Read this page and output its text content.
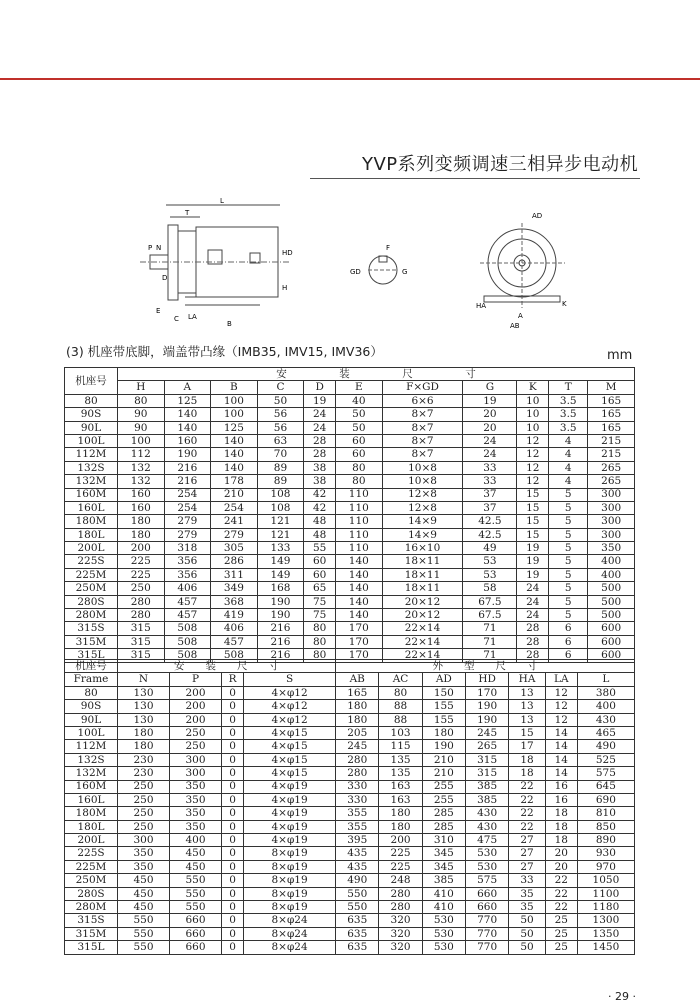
YVP系列变频调速三相异步电动机
L
T
P N
D
HD
H
C LA
B
E
F
G
GD
AD
AB
A
HA	K
(3) 机座带底脚，端盖带凸缘（IMB35, IMV15, IMV36）	mm
机座号	安　　　　　装　　　　　尺　　　　　寸										
	H	A	B	C	D	E	F×GD	G	K	T	M
80	80	125	100	50	19	40	6×6	19	10	3.5	165
90S	90	140	100	56	24	50	8×7	20	10	3.5	165
90L	90	140	125	56	24	50	8×7	20	10	3.5	165
100L	100	160	140	63	28	60	8×7	24	12	4	215
112M	112	190	140	70	28	60	8×7	24	12	4	215
132S	132	216	140	89	38	80	10×8	33	12	4	265
132M	132	216	178	89	38	80	10×8	33	12	4	265
160M	160	254	210	108	42	110	12×8	37	15	5	300
160L	160	254	254	108	42	110	12×8	37	15	5	300
180M	180	279	241	121	48	110	14×9	42.5	15	5	300
180L	180	279	279	121	48	110	14×9	42.5	15	5	300
200L	200	318	305	133	55	110	16×10	49	19	5	350
225S	225	356	286	149	60	140	18×11	53	19	5	400
225M	225	356	311	149	60	140	18×11	53	19	5	400
250M	250	406	349	168	65	140	18×11	58	24	5	500
280S	280	457	368	190	75	140	20×12	67.5	24	5	500
280M	280	457	419	190	75	140	20×12	67.5	24	5	500
315S	315	508	406	216	80	170	22×14	71	28	6	600
315M	315	508	457	216	80	170	22×14	71	28	6	600
315L	315	508	508	216	80	170	22×14	71	28	6	600
机座号	安　　装　　尺　　寸				外　　型　　尺　　寸						
Frame	N	P	R	S	AB	AC	AD	HD	HA	LA	L
80	130	200	0	4×φ12	165	80	150	170	13	12	380
90S	130	200	0	4×φ12	180	88	155	190	13	12	400
90L	130	200	0	4×φ12	180	88	155	190	13	12	430
100L	180	250	0	4×φ15	205	103	180	245	15	14	465
112M	180	250	0	4×φ15	245	115	190	265	17	14	490
132S	230	300	0	4×φ15	280	135	210	315	18	14	525
132M	230	300	0	4×φ15	280	135	210	315	18	14	575
160M	250	350	0	4×φ19	330	163	255	385	22	16	645
160L	250	350	0	4×φ19	330	163	255	385	22	16	690
180M	250	350	0	4×φ19	355	180	285	430	22	18	810
180L	250	350	0	4×φ19	355	180	285	430	22	18	850
200L	300	400	0	4×φ19	395	200	310	475	27	18	890
225S	350	450	0	8×φ19	435	225	345	530	27	20	930
225M	350	450	0	8×φ19	435	225	345	530	27	20	970
250M	450	550	0	8×φ19	490	248	385	575	33	22	1050
280S	450	550	0	8×φ19	550	280	410	660	35	22	1100
280M	450	550	0	8×φ19	550	280	410	660	35	22	1180
315S	550	660	0	8×φ24	635	320	530	770	50	25	1300
315M	550	660	0	8×φ24	635	320	530	770	50	25	1350
315L	550	660	0	8×φ24	635	320	530	770	50	25	1450
· 29 ·
